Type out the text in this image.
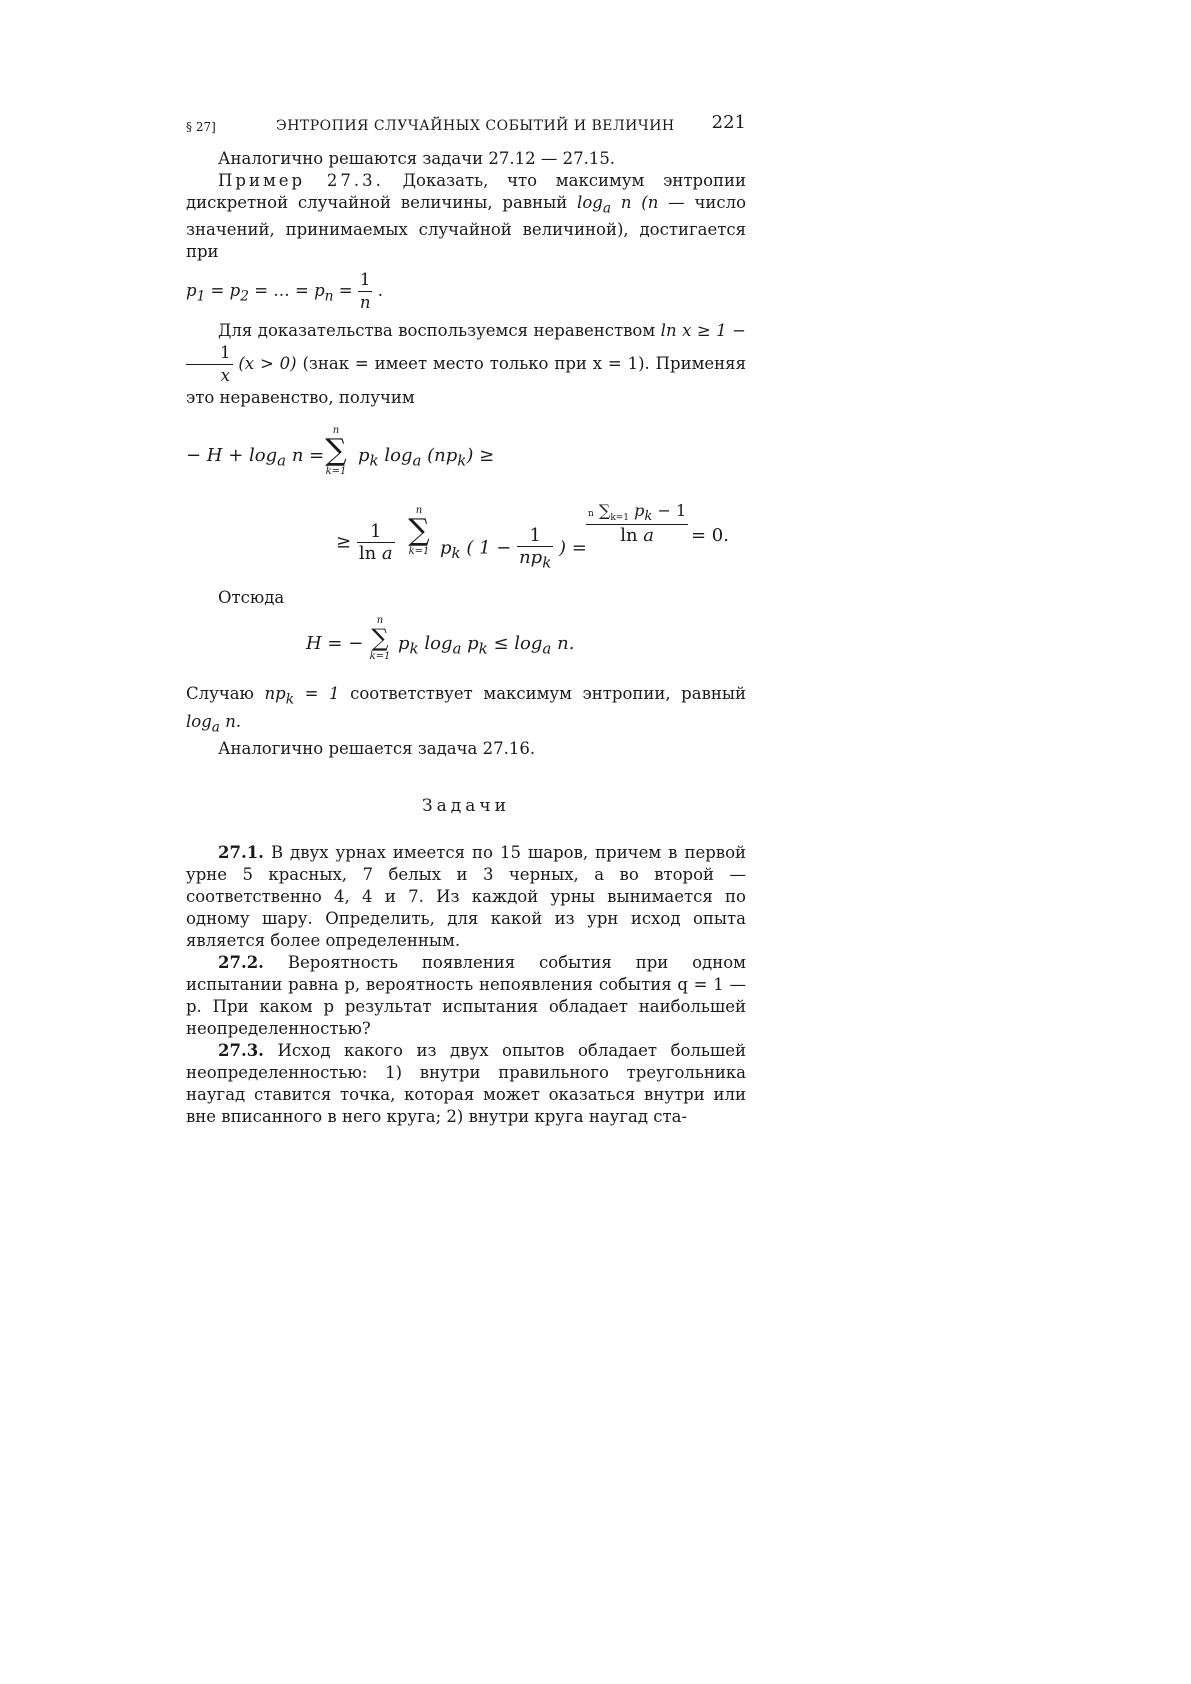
§ 27]	ЭНТРОПИЯ СЛУЧАЙНЫХ СОБЫТИЙ И ВЕЛИЧИН 221

Аналогично решаются задачи 27.12 — 27.15.

Пример 27.3. Доказать, что максимум энтропии дискретной случайной величины, равный $\log_a n$ (n — число значений, принимаемых случайной величиной), достигается при

$p_1 = p_2$ = … = $p_n = \frac{1}{n}$ .

Для доказательства воспользуемся неравенством ln x ≥ 1 −
$\frac{1}{x} (x > 0)$ (знак = имеет место только при x = 1). Применяя это неравенство, получим

− $H + \log_a n$ =
n
∑
k=1
$p_k$ $\log_a (np_k)$ ≥
≥ $\frac{1}{\text{ln a}}$
n
∑
k=1 $p_k$ ( $1 - \frac{1}{np_k}$ ) =
$\frac{n \sum_{k=1} p_k - 1}{\text{ln a}} = 0$.

Отсюда

H = −
n
∑
k=1
$p_k$ $\log_a p_k \le \log_a n$.

Случаю $np_k = 1$ соответствует максимум энтропии, равный $\log_a n$.

Аналогично решается задача 27.16.

Задачи

27.1. В двух урнах имеется по 15 шаров, причем в первой урне 5 красных, 7 белых и 3 черных, а во второй — соответственно 4, 4 и 7. Из каждой урны вынимается по одному шару. Определить, для какой из урн исход опыта является более определенным.

27.2. Вероятность появления события при одном испытании равна p, вероятность непоявления события q = 1 — p. При каком p результат испытания обладает наибольшей неопределенностью?

27.3. Исход какого из двух опытов обладает большей неопределенностью: 1) внутри правильного треугольника наугад ставится точка, которая может оказаться внутри или вне вписанного в него круга; 2) внутри круга наугад ста-
